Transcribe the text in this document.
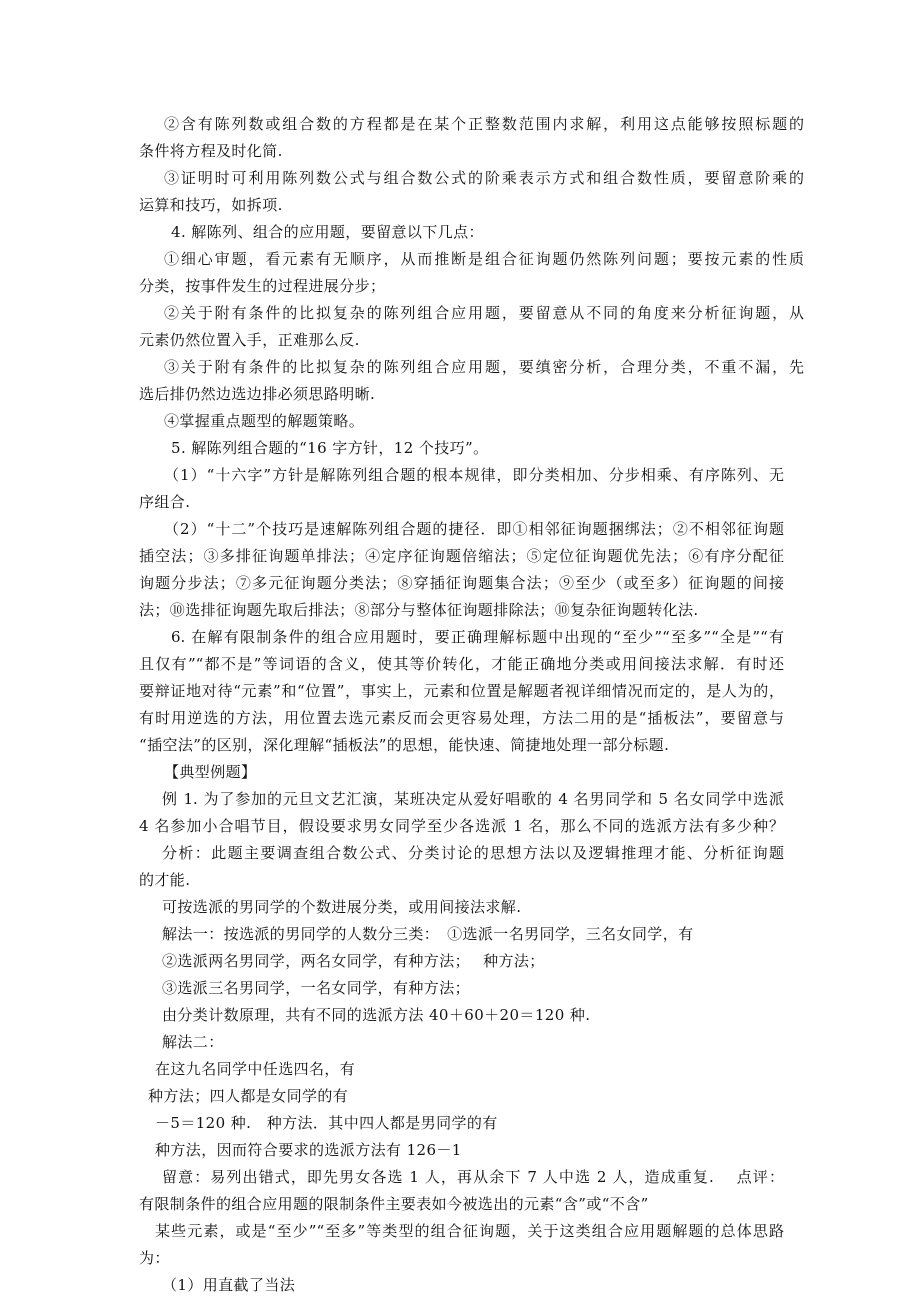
②含有陈列数或组合数的方程都是在某个正整数范围内求解，利用这点能够按照标题的
条件将方程及时化简.
③证明时可利用陈列数公式与组合数公式的阶乘表示方式和组合数性质，要留意阶乘的
运算和技巧，如拆项.
4. 解陈列、组合的应用题，要留意以下几点：
①细心审题，看元素有无顺序，从而推断是组合征询题仍然陈列问题；要按元素的性质
分类，按事件发生的过程进展分步；
②关于附有条件的比拟复杂的陈列组合应用题，要留意从不同的角度来分析征询题，从
元素仍然位置入手，正难那么反.
③关于附有条件的比拟复杂的陈列组合应用题，要缜密分析，合理分类，不重不漏，先
选后排仍然边选边排必须思路明晰.
④掌握重点题型的解题策略。
5. 解陈列组合题的“16 字方针，12 个技巧”。
（1）“十六字”方针是解陈列组合题的根本规律，即分类相加、分步相乘、有序陈列、无
序组合.
（2）“十二”个技巧是速解陈列组合题的捷径．即①相邻征询题捆绑法；②不相邻征询题
插空法；③多排征询题单排法；④定序征询题倍缩法；⑤定位征询题优先法；⑥有序分配征
询题分步法；⑦多元征询题分类法；⑧穿插征询题集合法；⑨至少（或至多）征询题的间接
法；⑩选排征询题先取后排法；⑧部分与整体征询题排除法；⑩复杂征询题转化法.
6. 在解有限制条件的组合应用题时，要正确理解标题中出现的“至少”“至多”“全是”“有
且仅有”“都不是”等词语的含义，使其等价转化，才能正确地分类或用间接法求解．有时还
要辩证地对待“元素”和“位置”，事实上，元素和位置是解题者视详细情况而定的，是人为的，
有时用逆选的方法，用位置去选元素反而会更容易处理，方法二用的是“插板法”，要留意与
“插空法”的区别，深化理解“插板法”的思想，能快速、简捷地处理一部分标题.
【典型例题】
例 1. 为了参加的元旦文艺汇演，某班决定从爱好唱歌的 4 名男同学和 5 名女同学中选派
4 名参加小合唱节目，假设要求男女同学至少各选派 1 名，那么不同的选派方法有多少种？
分析：此题主要调查组合数公式、分类讨论的思想方法以及逻辑推理才能、分析征询题
的才能.
可按选派的男同学的个数进展分类，或用间接法求解.
解法一：按选派的男同学的人数分三类：　①选派一名男同学，三名女同学，有
②选派两名男同学，两名女同学，有种方法；　 种方法；
③选派三名男同学，一名女同学，有种方法；
由分类计数原理，共有不同的选派方法 40＋60＋20＝120 种.
解法二：
在这九名同学中任选四名，有
种方法；四人都是女同学的有
－5＝120 种.　种方法．其中四人都是男同学的有
种方法，因而符合要求的选派方法有 126－1
留意：易列出错式，即先男女各选 1 人，再从余下 7 人中选 2 人，造成重复.　 点评：
有限制条件的组合应用题的限制条件主要表如今被选出的元素“含”或“不含”
某些元素，或是“至少”“至多”等类型的组合征询题，关于这类组合应用题解题的总体思路
为：
（1）用直截了当法
